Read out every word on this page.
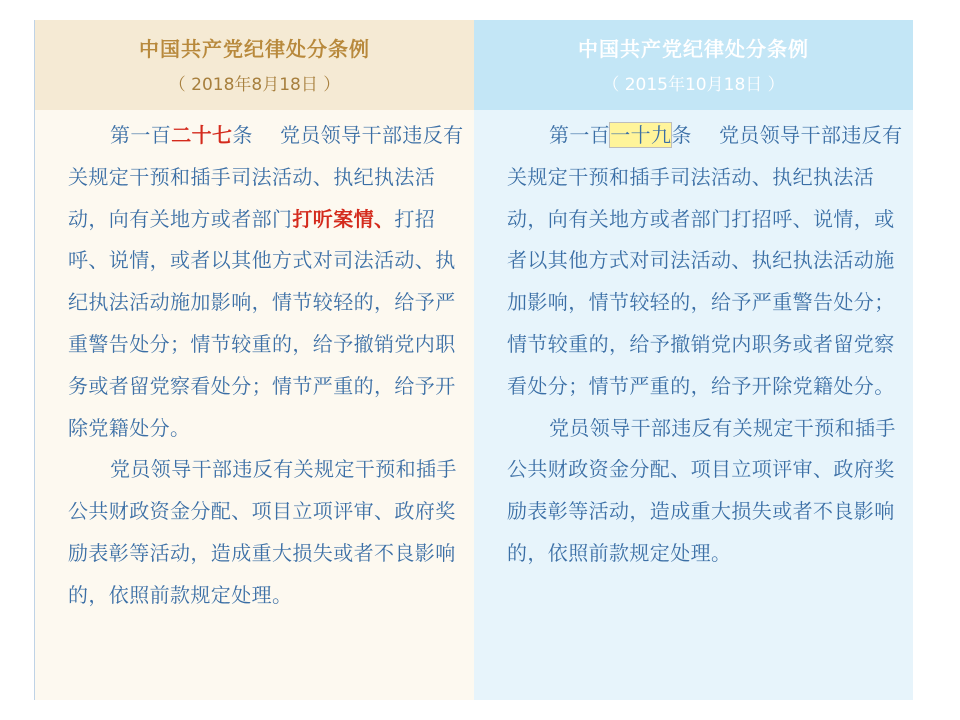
中国共产党纪律处分条例
（ 2018年8月18日 ）

第一百二十七条　 党员领导干部违反有关规定干预和插手司法活动、执纪执法活动，向有关地方或者部门打听案情、打招呼、说情，或者以其他方式对司法活动、执纪执法活动施加影响，情节较轻的，给予严重警告处分；情节较重的，给予撤销党内职务或者留党察看处分；情节严重的，给予开除党籍处分。

党员领导干部违反有关规定干预和插手公共财政资金分配、项目立项评审、政府奖励表彰等活动，造成重大损失或者不良影响的，依照前款规定处理。

中国共产党纪律处分条例
（ 2015年10月18日 ）

第一百一十九条　 党员领导干部违反有关规定干预和插手司法活动、执纪执法活动，向有关地方或者部门打招呼、说情，或者以其他方式对司法活动、执纪执法活动施加影响，情节较轻的，给予严重警告处分；情节较重的，给予撤销党内职务或者留党察看处分；情节严重的，给予开除党籍处分。

党员领导干部违反有关规定干预和插手公共财政资金分配、项目立项评审、政府奖励表彰等活动，造成重大损失或者不良影响的，依照前款规定处理。
